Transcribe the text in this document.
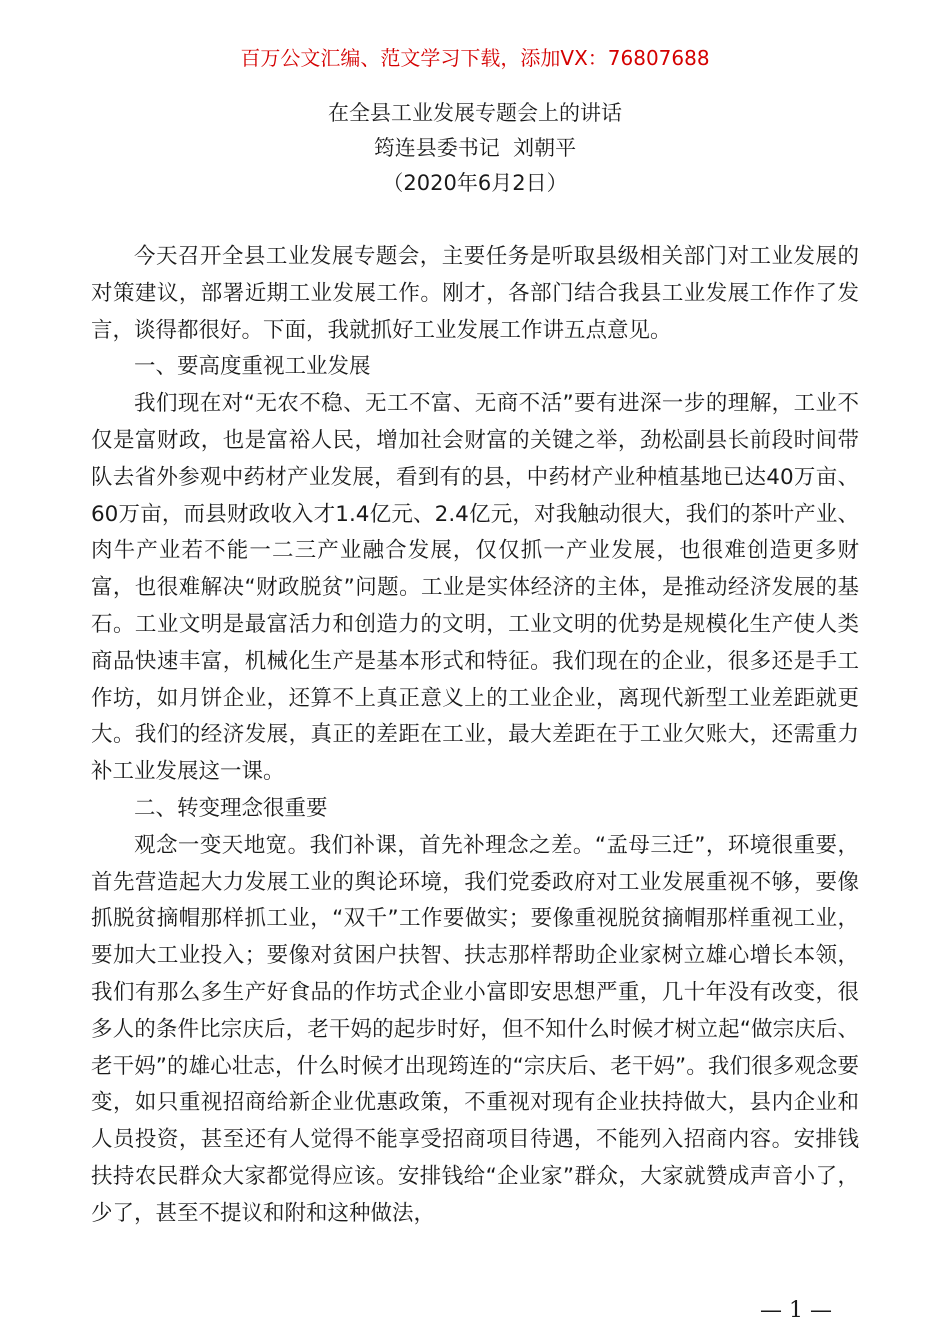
百万公文汇编、范文学习下载，添加VX：76807688
在全县工业发展专题会上的讲话
筠连县委书记  刘朝平
（2020年6月2日）

今天召开全县工业发展专题会，主要任务是听取县级相关部门对工业发展的对策建议，部署近期工业发展工作。刚才，各部门结合我县工业发展工作作了发言，谈得都很好。下面，我就抓好工业发展工作讲五点意见。

一、要高度重视工业发展

我们现在对“无农不稳、无工不富、无商不活”要有进深一步的理解，工业不仅是富财政，也是富裕人民，增加社会财富的关键之举，劲松副县长前段时间带队去省外参观中药材产业发展，看到有的县，中药材产业种植基地已达40万亩、60万亩，而县财政收入才1.4亿元、2.4亿元，对我触动很大，我们的茶叶产业、肉牛产业若不能一二三产业融合发展，仅仅抓一产业发展，也很难创造更多财富，也很难解决“财政脱贫”问题。工业是实体经济的主体，是推动经济发展的基石。工业文明是最富活力和创造力的文明，工业文明的优势是规模化生产使人类商品快速丰富，机械化生产是基本形式和特征。我们现在的企业，很多还是手工作坊，如月饼企业，还算不上真正意义上的工业企业，离现代新型工业差距就更大。我们的经济发展，真正的差距在工业，最大差距在于工业欠账大，还需重力补工业发展这一课。

二、转变理念很重要

观念一变天地宽。我们补课，首先补理念之差。“孟母三迁”，环境很重要，首先营造起大力发展工业的舆论环境，我们党委政府对工业发展重视不够，要像抓脱贫摘帽那样抓工业，“双千”工作要做实；要像重视脱贫摘帽那样重视工业，要加大工业投入；要像对贫困户扶智、扶志那样帮助企业家树立雄心增长本领，我们有那么多生产好食品的作坊式企业小富即安思想严重，几十年没有改变，很多人的条件比宗庆后，老干妈的起步时好，但不知什么时候才树立起“做宗庆后、老干妈”的雄心壮志，什么时候才出现筠连的“宗庆后、老干妈”。我们很多观念要变，如只重视招商给新企业优惠政策，不重视对现有企业扶持做大，县内企业和人员投资，甚至还有人觉得不能享受招商项目待遇，不能列入招商内容。安排钱扶持农民群众大家都觉得应该。安排钱给“企业家”群众，大家就赞成声音小了，少了，甚至不提议和附和这种做法，

— 1 —
